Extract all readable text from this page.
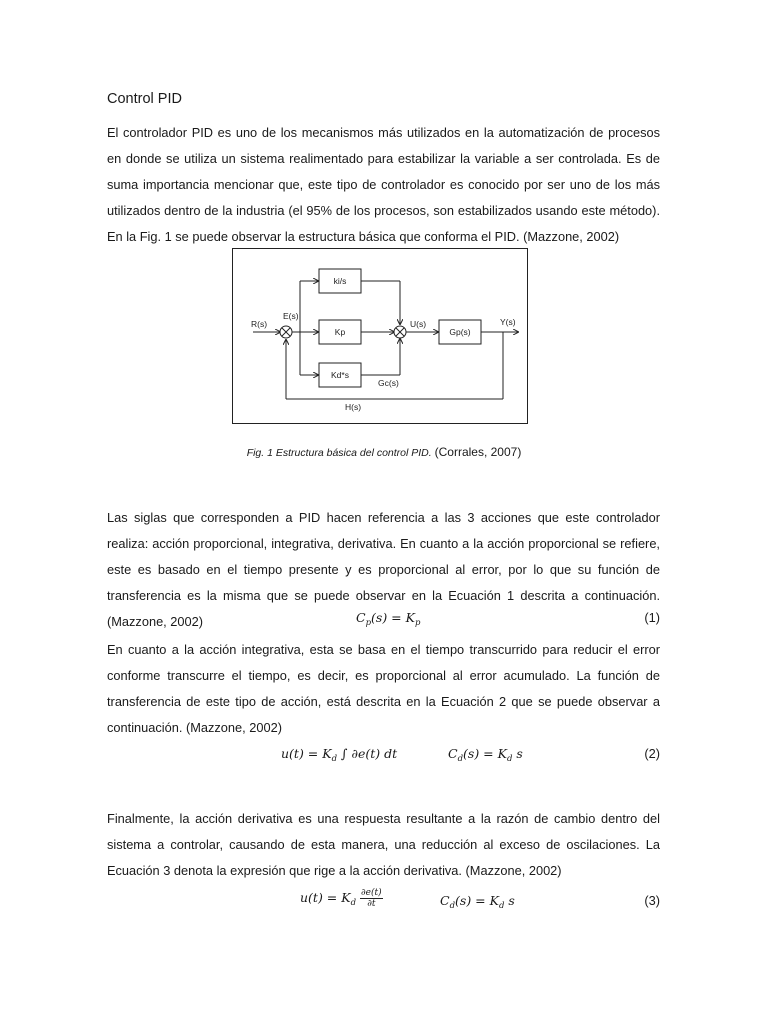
Control PID

El controlador PID es uno de los mecanismos más utilizados en la automatización de procesos en donde se utiliza un sistema realimentado para estabilizar la variable a ser controlada. Es de suma importancia mencionar que, este tipo de controlador es conocido por ser uno de los más utilizados dentro de la industria (el 95% de los procesos, son estabilizados usando este método). En la Fig. 1 se puede observar la estructura básica que conforma el PID. (Mazzone, 2002)

ki/s
Kp
Kd*s
Gp(s)
R(s)
E(s)
U(s)	Y(s)
Gc(s)
H(s)
Fig. 1 Estructura básica del control PID. (Corrales, 2007)

Las siglas que corresponden a PID hacen referencia a las 3 acciones que este controlador realiza: acción proporcional, integrativa, derivativa. En cuanto a la acción proporcional se refiere, este es basado en el tiempo presente y es proporcional al error, por lo que su función de transferencia es la misma que se puede observar en la Ecuación 1 descrita a continuación. (Mazzone, 2002)	$C_p(s) = K_p$	(1)

En cuanto a la acción integrativa, esta se basa en el tiempo transcurrido para reducir el error conforme transcurre el tiempo, es decir, es proporcional al error acumulado. La función de transferencia de este tipo de acción, está descrita en la Ecuación 2 que se puede observar a continuación. (Mazzone, 2002)

$u(t) = K_d$ ∫ ∂e(t) dt	$C_d(s) = K_d$ s	(2)

Finalmente, la acción derivativa es una respuesta resultante a la razón de cambio dentro del sistema a controlar, causando de esta manera, una reducción al exceso de oscilaciones. La Ecuación 3 denota la expresión que rige a la acción derivativa. (Mazzone, 2002)

$u(t) = K_d \frac{\partial e(t)}{\partial t}$	$C_d(s) = K_d$ s	(3)
